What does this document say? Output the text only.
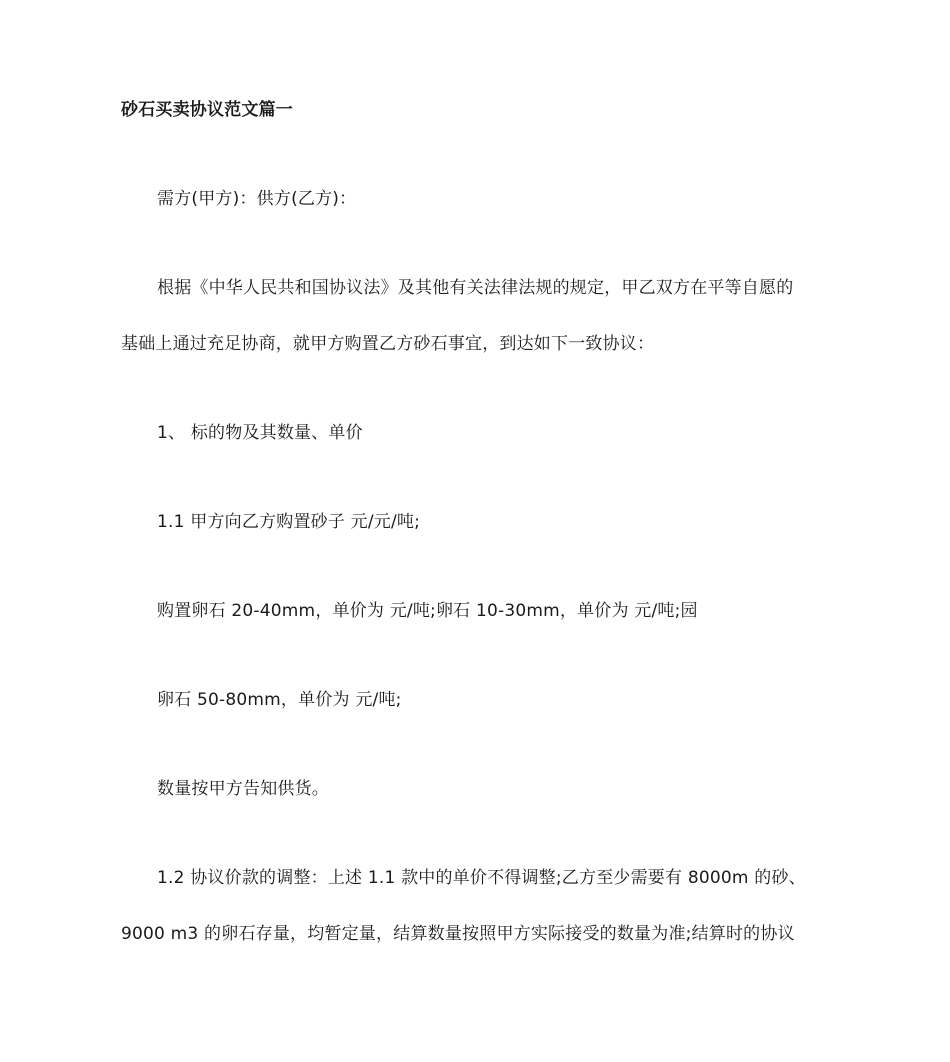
砂石买卖协议范文篇一
需方(甲方)：供方(乙方)：
根据《中华人民共和国协议法》及其他有关法律法规的规定，甲乙双方在平等自愿的
基础上通过充足协商，就甲方购置乙方砂石事宜，到达如下一致协议：
1、 标的物及其数量、单价
1.1 甲方向乙方购置砂子 元/元/吨;
购置卵石 20-40mm，单价为 元/吨;卵石 10-30mm，单价为 元/吨;园
卵石 50-80mm，单价为 元/吨;
数量按甲方告知供货。
1.2 协议价款的调整：上述 1.1 款中的单价不得调整;乙方至少需要有 8000m 的砂、
9000 m3 的卵石存量，均暂定量，结算数量按照甲方实际接受的数量为准;结算时的协议
